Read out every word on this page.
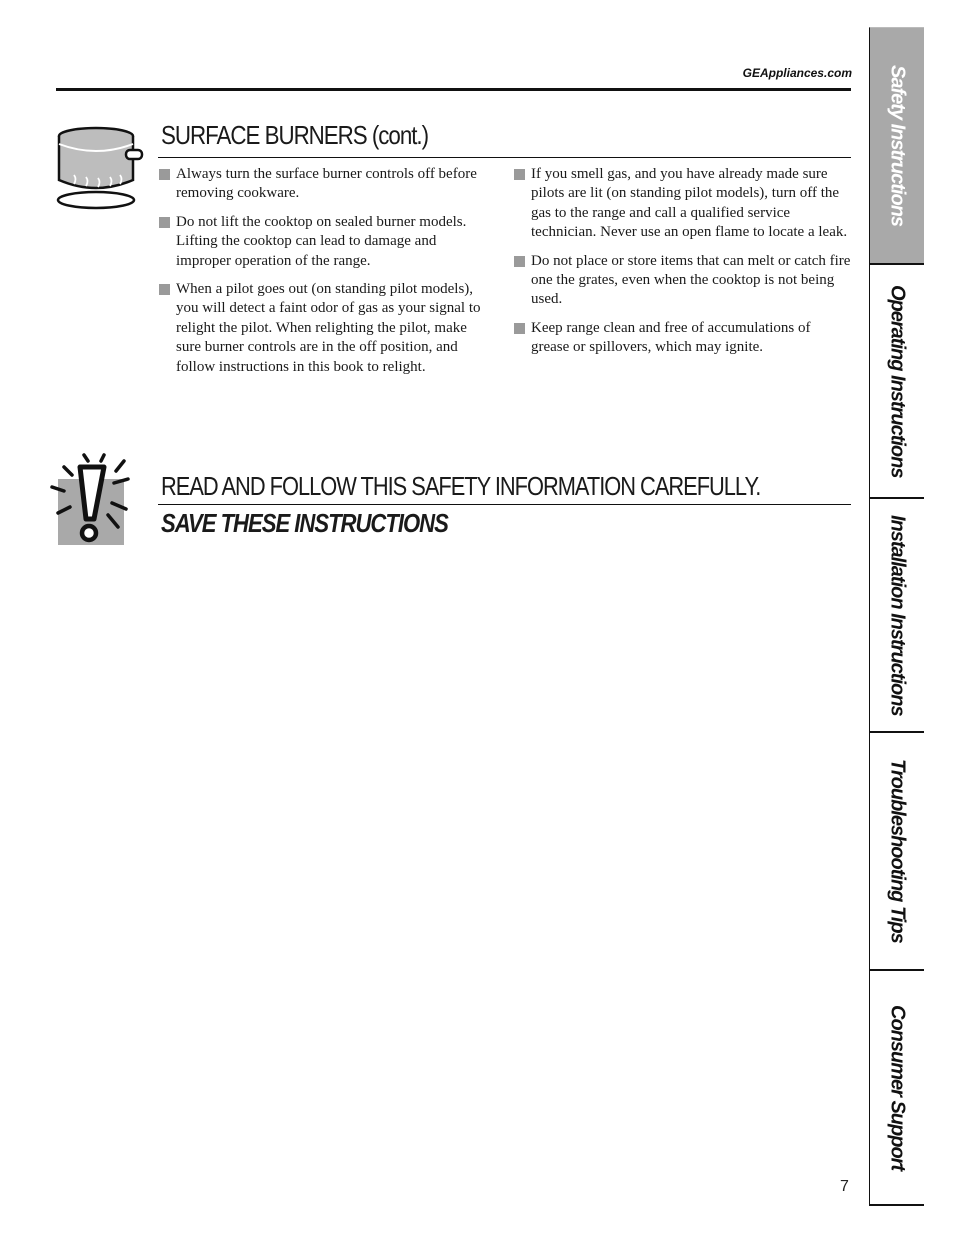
GEAppliances.com
SURFACE BURNERS (cont.)
Always turn the surface burner controls off before removing cookware.
Do not lift the cooktop on sealed burner models. Lifting the cooktop can lead to damage and improper operation of the range.
When a pilot goes out (on standing pilot models), you will detect a faint odor of gas as your signal to relight the pilot. When relighting the pilot, make sure burner controls are in the off position, and follow instructions in this book to relight.
If you smell gas, and you have already made sure pilots are lit (on standing pilot models), turn off the gas to the range and call a qualified service technician. Never use an open flame to locate a leak.
Do not place or store items that can melt or catch fire one the grates, even when the cooktop is not being used.
Keep range clean and free of accumulations of grease or spillovers, which may ignite.
READ AND FOLLOW THIS SAFETY INFORMATION CAREFULLY.
SAVE THESE INSTRUCTIONS
7
Safety Instructions
Operating Instructions
Installation Instructions
Troubleshooting Tips
Consumer Support
